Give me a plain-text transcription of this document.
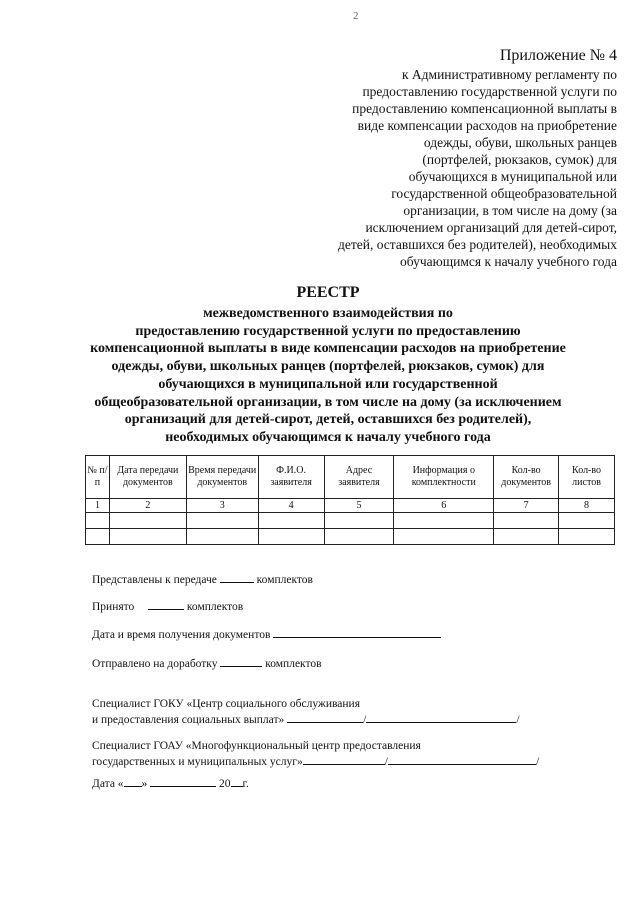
2

Приложение № 4

к Административному регламенту по

предоставлению государственной услуги по

предоставлению компенсационной выплаты в

виде компенсации расходов на приобретение

одежды, обуви, школьных ранцев

(портфелей, рюкзаков, сумок) для

обучающихся в муниципальной или

государственной общеобразовательной

организации, в том числе на дому (за

исключением организаций для детей-сирот,

детей, оставшихся без родителей), необходимых

обучающимся к началу учебного года

РЕЕСТР
межведомственного взаимодействия по
предоставлению государственной услуги по предоставлению
компенсационной выплаты в виде компенсации расходов на приобретение
одежды, обуви, школьных ранцев (портфелей, рюкзаков, сумок) для
обучающихся в муниципальной или государственной
общеобразовательной организации, в том числе на дому (за исключением
организаций для детей-сирот, детей, оставшихся без родителей),
необходимых обучающимся к началу учебного года
№ п/ п	Дата передачи документов	Время передачи документов	Ф.И.О. заявителя	Адрес заявителя	Информация о комплектности	Кол-во документов	Кол-во листов
1	2	3	4	5	6	7	8

Представлены к передаче	комплектов
Принято	комплектов
Дата и время получения документов
Отправлено на доработку	комплектов

Специалист ГОКУ «Центр социального обслуживания

и предоставления социальных выплат»	/	/

Специалист ГОАУ «Многофункциональный центр предоставления

государственных и муниципальных услуг»	/	/

Дата « »	20 г.
